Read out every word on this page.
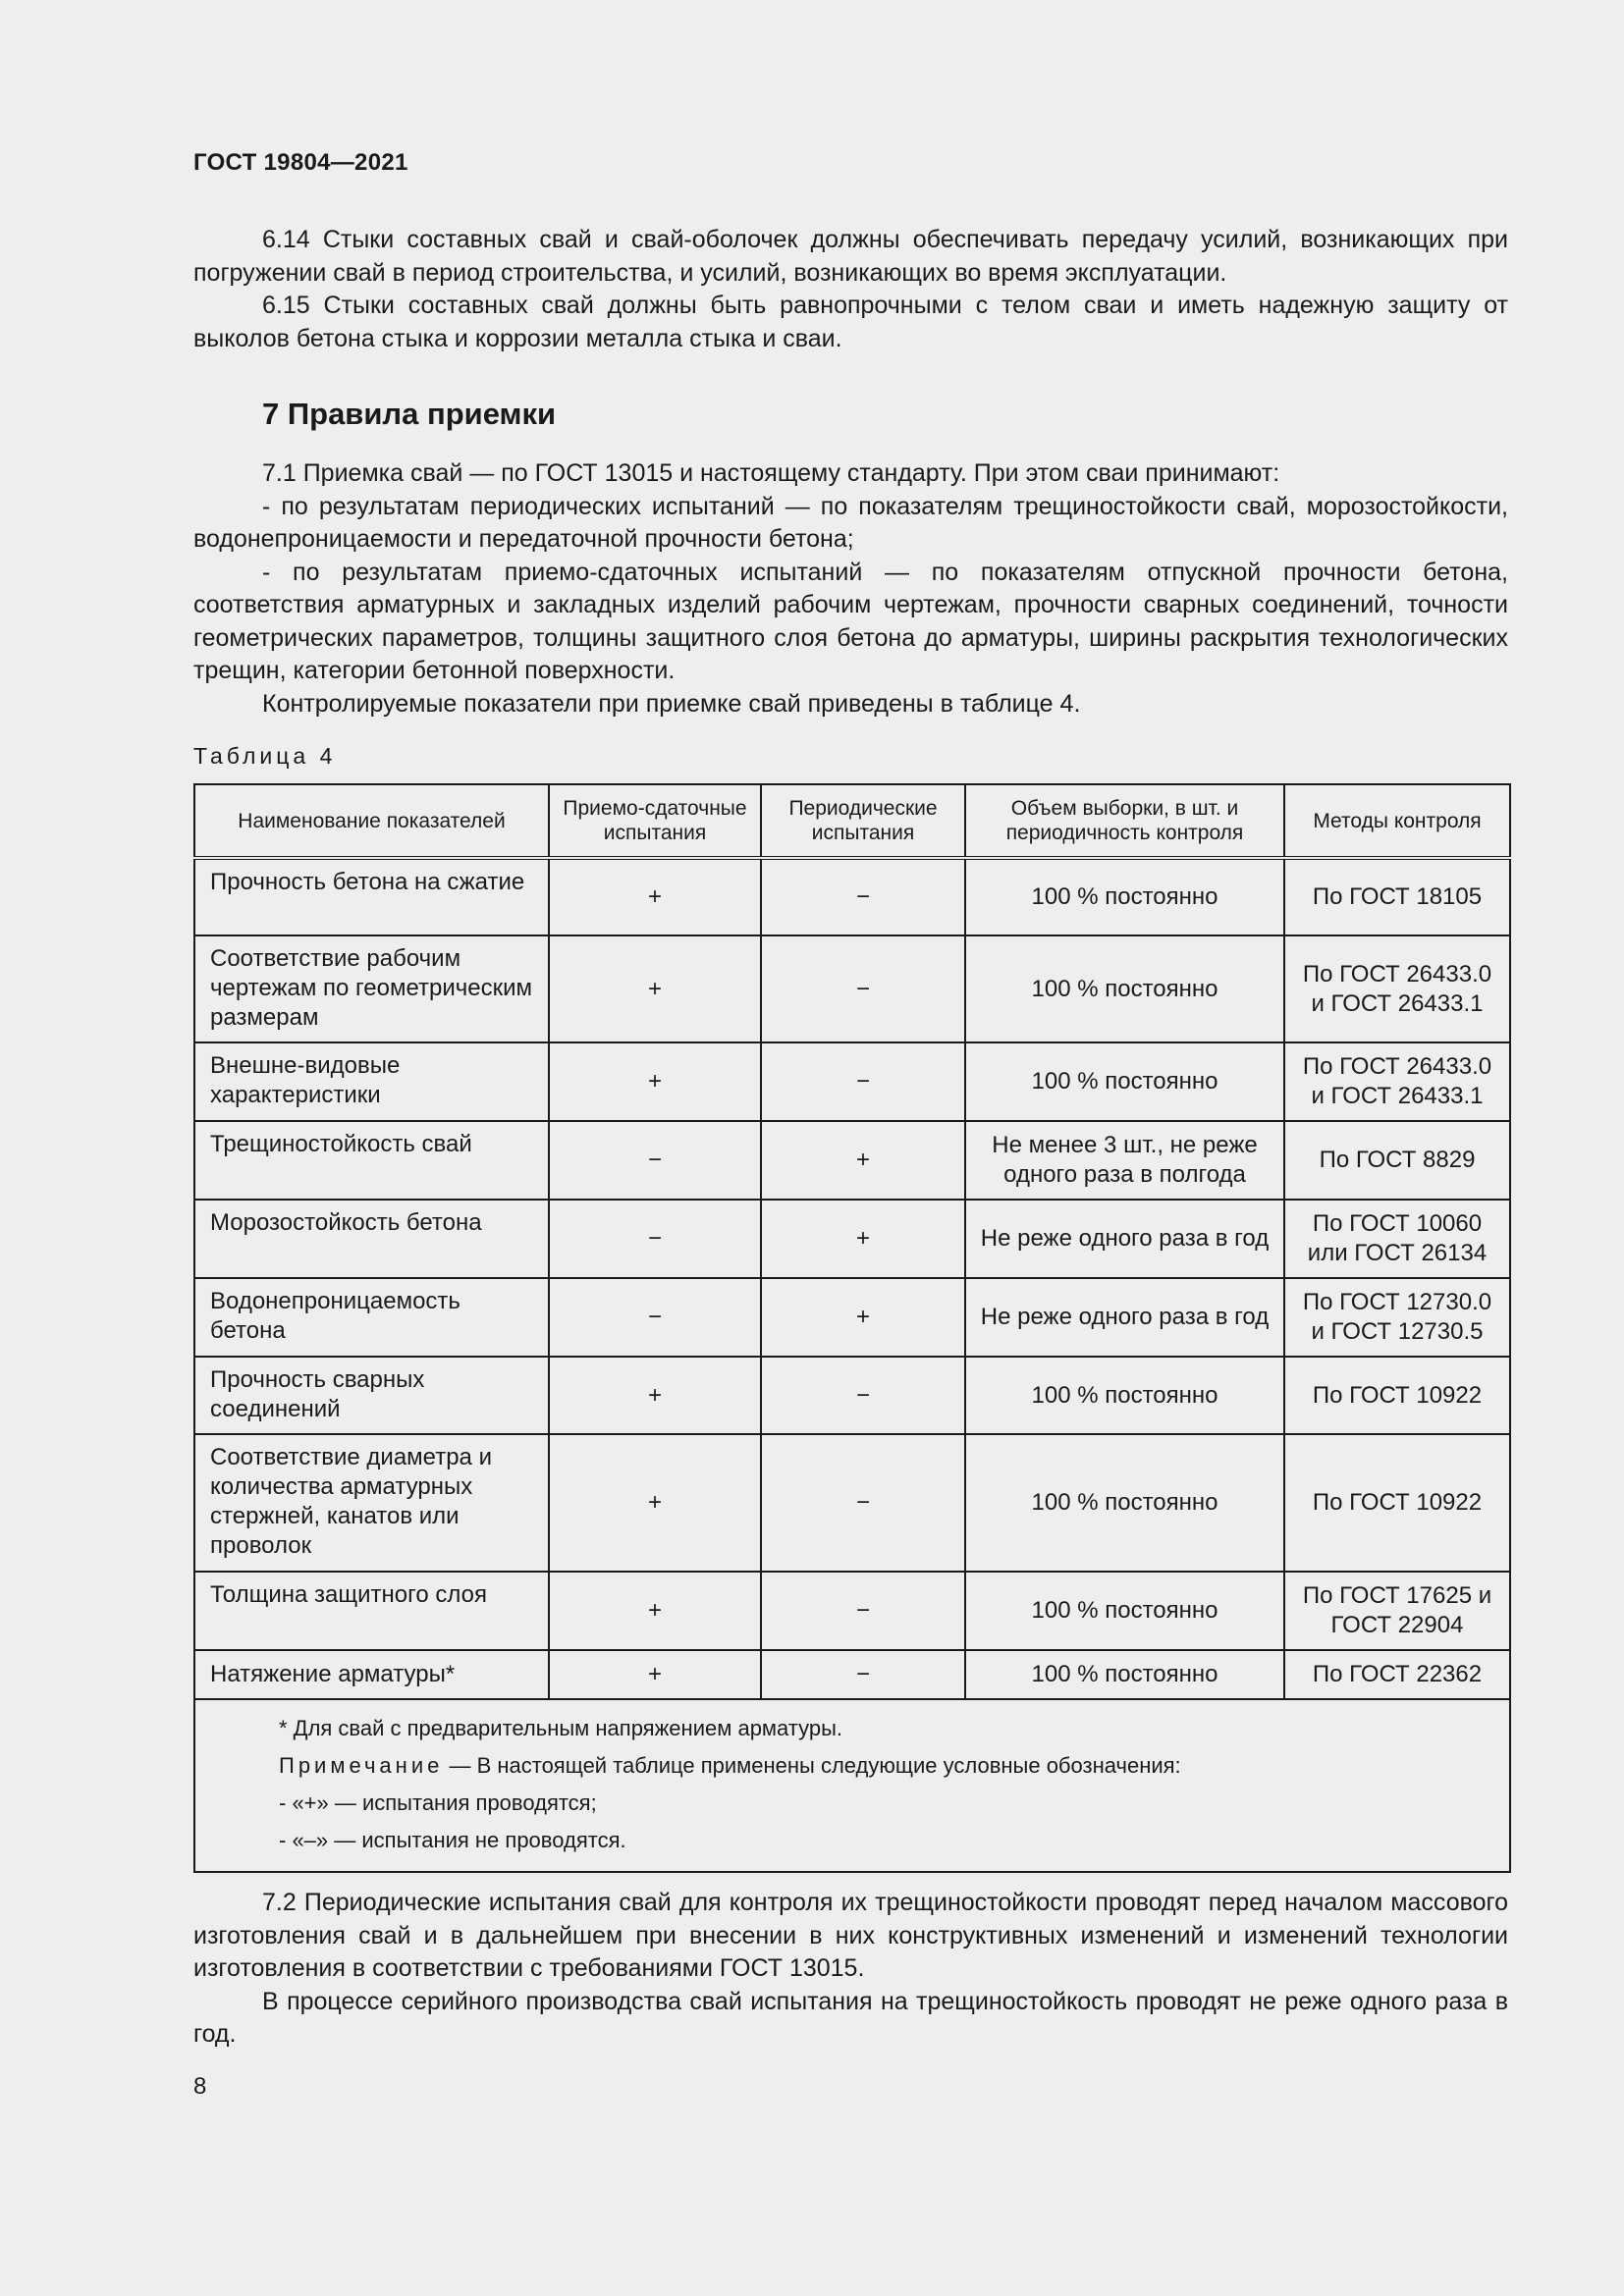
ГОСТ 19804—2021

6.14 Стыки составных свай и свай-оболочек должны обеспечивать передачу усилий, возникающих при погружении свай в период строительства, и усилий, возникающих во время эксплуатации.

6.15 Стыки составных свай должны быть равнопрочными с телом сваи и иметь надежную защиту от выколов бетона стыка и коррозии металла стыка и сваи.

7 Правила приемки

7.1 Приемка свай — по ГОСТ 13015 и настоящему стандарту. При этом сваи принимают:

- по результатам периодических испытаний — по показателям трещиностойкости свай, морозостойкости, водонепроницаемости и передаточной прочности бетона;

- по результатам приемо-сдаточных испытаний — по показателям отпускной прочности бетона, соответствия арматурных и закладных изделий рабочим чертежам, прочности сварных соединений, точности геометрических параметров, толщины защитного слоя бетона до арматуры, ширины раскрытия технологических трещин, категории бетонной поверхности.

Контролируемые показатели при приемке свай приведены в таблице 4.

Таблица 4
Наименование показателей	Приемо-сдаточные испытания	Периодические испытания	Объем выборки, в шт. и периодичность контроля	Методы контроля
Прочность бетона на сжатие	+	−	100 % постоянно	По ГОСТ 18105
Соответствие рабочим чертежам по геометрическим размерам	+	−	100 % постоянно	По ГОСТ 26433.0 и ГОСТ 26433.1
Внешне-видовые характеристики	+	−	100 % постоянно	По ГОСТ 26433.0 и ГОСТ 26433.1
Трещиностойкость свай	−	+	Не менее 3 шт., не реже одного раза в полгода	По ГОСТ 8829
Морозостойкость бетона	−	+	Не реже одного раза в год	По ГОСТ 10060 или ГОСТ 26134
Водонепроницаемость бетона	−	+	Не реже одного раза в год	По ГОСТ 12730.0 и ГОСТ 12730.5
Прочность сварных соединений	+	−	100 % постоянно	По ГОСТ 10922
Соответствие диаметра и количества арматурных стержней, канатов или проволок	+	−	100 % постоянно	По ГОСТ 10922
Толщина защитного слоя	+	−	100 % постоянно	По ГОСТ 17625 и ГОСТ 22904
Натяжение арматуры*	+	−	100 % постоянно	По ГОСТ 22362

* Для свай с предварительным напряжением арматуры.
Примечание — В настоящей таблице применены следующие условные обозначения:
- «+» — испытания проводятся;
- «–» — испытания не проводятся.				

7.2 Периодические испытания свай для контроля их трещиностойкости проводят перед началом массового изготовления свай и в дальнейшем при внесении в них конструктивных изменений и изменений технологии изготовления в соответствии с требованиями ГОСТ 13015.

В процессе серийного производства свай испытания на трещиностойкость проводят не реже одного раза в год.

8
